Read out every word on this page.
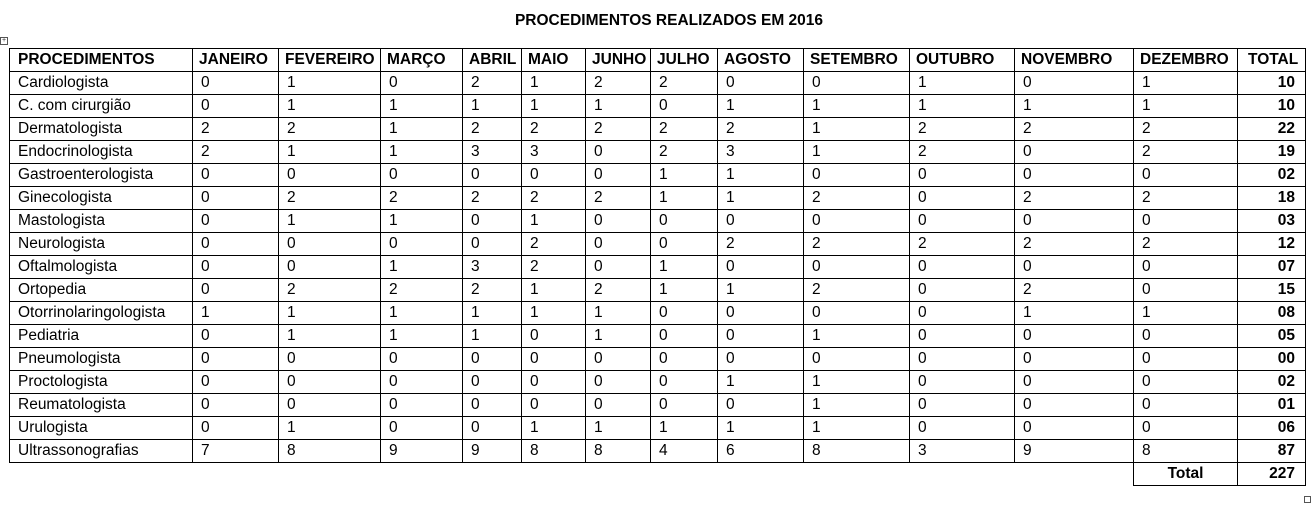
PROCEDIMENTOS REALIZADOS EM 2016
+
PROCEDIMENTOS	JANEIRO	FEVEREIRO	MARÇO	ABRIL	MAIO	JUNHO	JULHO	AGOSTO	SETEMBRO	OUTUBRO	NOVEMBRO	DEZEMBRO	TOTAL
Cardiologista	0	1	0	2	1	2	2	0	0	1	0	1	10
C. com cirurgião	0	1	1	1	1	1	0	1	1	1	1	1	10
Dermatologista	2	2	1	2	2	2	2	2	1	2	2	2	22
Endocrinologista	2	1	1	3	3	0	2	3	1	2	0	2	19
Gastroenterologista	0	0	0	0	0	0	1	1	0	0	0	0	02
Ginecologista	0	2	2	2	2	2	1	1	2	0	2	2	18
Mastologista	0	1	1	0	1	0	0	0	0	0	0	0	03
Neurologista	0	0	0	0	2	0	0	2	2	2	2	2	12
Oftalmologista	0	0	1	3	2	0	1	0	0	0	0	0	07
Ortopedia	0	2	2	2	1	2	1	1	2	0	2	0	15
Otorrinolaringologista	1	1	1	1	1	1	0	0	0	0	1	1	08
Pediatria	0	1	1	1	0	1	0	0	1	0	0	0	05
Pneumologista	0	0	0	0	0	0	0	0	0	0	0	0	00
Proctologista	0	0	0	0	0	0	0	1	1	0	0	0	02
Reumatologista	0	0	0	0	0	0	0	0	1	0	0	0	01
Urulogista	0	1	0	0	1	1	1	1	1	0	0	0	06
Ultrassonografias	7	8	9	9	8	8	4	6	8	3	9	8	87
												Total	227
